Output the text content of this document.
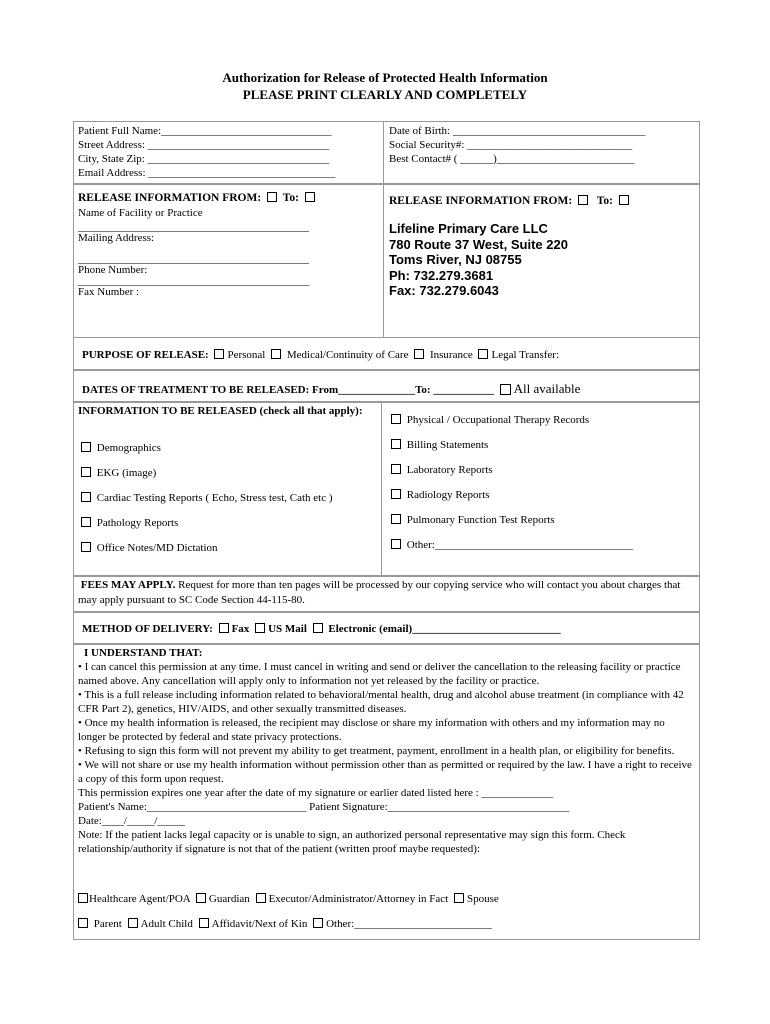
Authorization for Release of Protected Health Information
PLEASE PRINT CLEARLY AND COMPLETELY
Patient Full Name:_______________________________
Street Address: _________________________________
City, State Zip: _________________________________
Email Address: __________________________________
Date of Birth: ___________________________________
Social Security#: ______________________________
Best Contact# ( ______)_________________________
RELEASE INFORMATION FROM: To:
Name of Facility or Practice
____________________________________________
Mailing Address:
____________________________________________
Phone Number:
____________________________________________
Fax Number :
RELEASE INFORMATION FROM: To:
Lifeline Primary Care LLC
780 Route 37 West, Suite 220
Toms River, NJ 08755
Ph: 732.279.3681
Fax: 732.279.6043
PURPOSE OF RELEASE: Personal Medical/Continuity of Care Insurance Legal Transfer:
DATES OF TREATMENT TO BE RELEASED: From______________To: ___________ All available
INFORMATION TO BE RELEASED (check all that apply):
Demographics
EKG (image)
Cardiac Testing Reports ( Echo, Stress test, Cath etc )
Pathology Reports
Office Notes/MD Dictation
Physical / Occupational Therapy Records
Billing Statements
Laboratory Reports
Radiology Reports
Pulmonary Function Test Reports
Other:____________________________________
FEES MAY APPLY. Request for more than ten pages will be processed by our copying service who will contact you about charges that may apply pursuant to SC Code Section 44-115-80.
METHOD OF DELIVERY: Fax US Mail Electronic (email)___________________________
I UNDERSTAND THAT:

• I can cancel this permission at any time. I must cancel in writing and send or deliver the cancellation to the releasing facility or practice named above. Any cancellation will apply only to information not yet released by the facility or practice.

• This is a full release including information related to behavioral/mental health, drug and alcohol abuse treatment (in compliance with 42 CFR Part 2), genetics, HIV/AIDS, and other sexually transmitted diseases.

• Once my health information is released, the recipient may disclose or share my information with others and my information may no longer be protected by federal and state privacy protections.

• Refusing to sign this form will not prevent my ability to get treatment, payment, enrollment in a health plan, or eligibility for benefits.

• We will not share or use my health information without permission other than as permitted or required by the law. I have a right to receive a copy of this form upon request.

This permission expires one year after the date of my signature or earlier dated listed here : _____________

Patient's Name:_____________________________ Patient Signature:_________________________________

Date:____/_____/_____

Note: If the patient lacks legal capacity or is unable to sign, an authorized personal representative may sign this form. Check relationship/authority if signature is not that of the patient (written proof maybe requested):

Healthcare Agent/POA Guardian Executor/Administrator/Attorney in Fact Spouse
Parent Adult Child Affidavit/Next of Kin Other:_________________________
